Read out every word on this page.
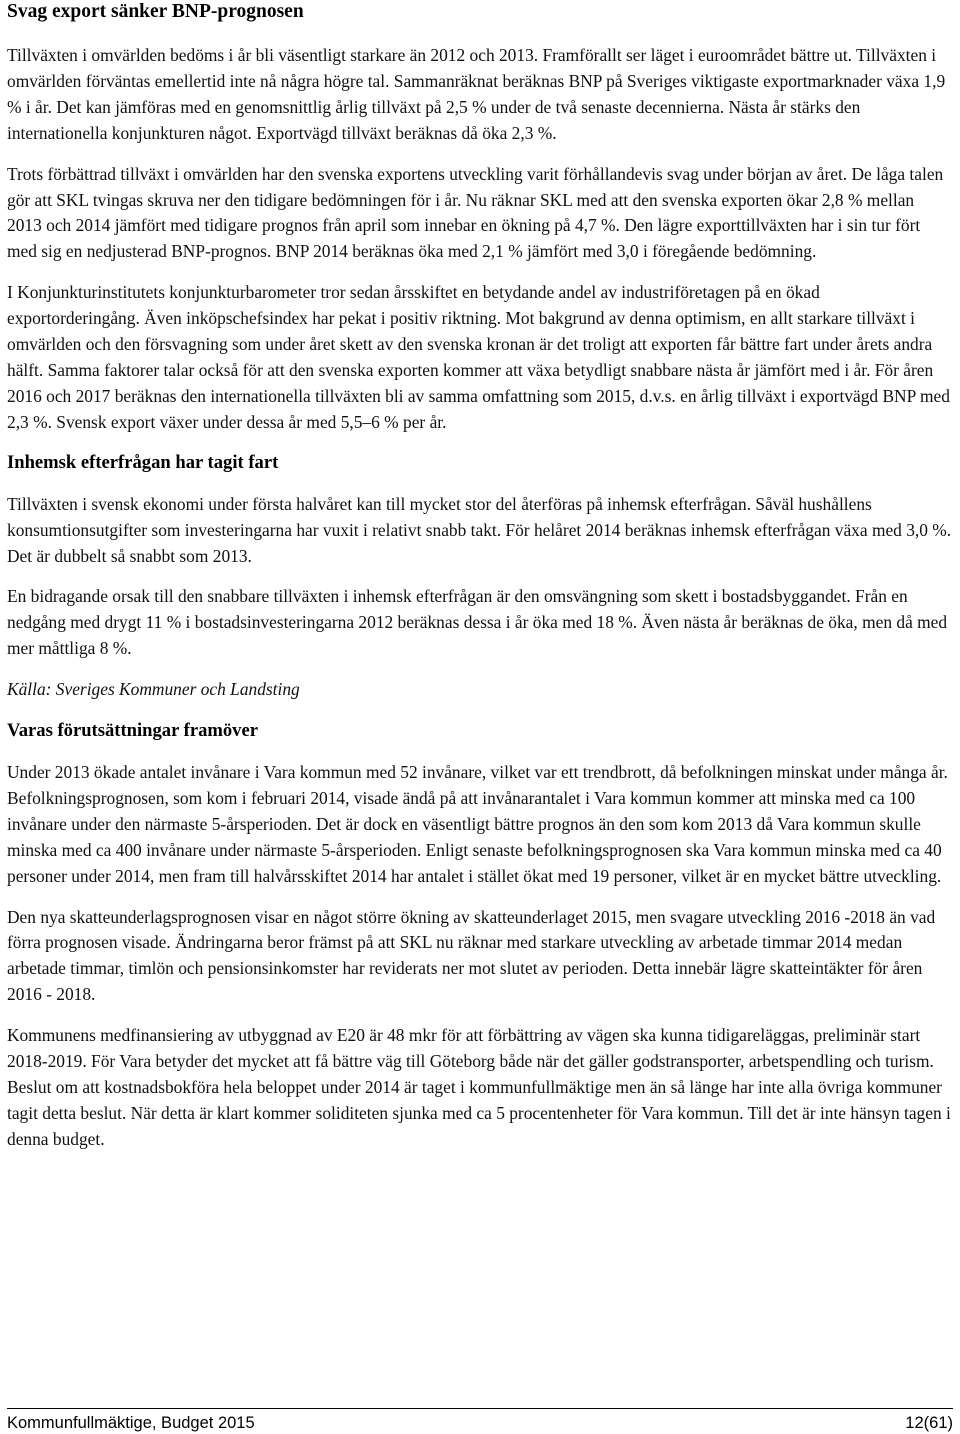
Svag export sänker BNP-prognosen

Tillväxten i omvärlden bedöms i år bli väsentligt starkare än 2012 och 2013. Framförallt ser läget i euroområdet bättre ut. Tillväxten i omvärlden förväntas emellertid inte nå några högre tal. Sammanräknat beräknas BNP på Sveriges viktigaste exportmarknader växa 1,9 % i år. Det kan jämföras med en genomsnittlig årlig tillväxt på 2,5 % under de två senaste decennierna. Nästa år stärks den internationella konjunkturen något. Exportvägd tillväxt beräknas då öka 2,3 %.

Trots förbättrad tillväxt i omvärlden har den svenska exportens utveckling varit förhållandevis svag under början av året. De låga talen gör att SKL tvingas skruva ner den tidigare bedömningen för i år. Nu räknar SKL med att den svenska exporten ökar 2,8 % mellan 2013 och 2014 jämfört med tidigare prognos från april som innebar en ökning på 4,7 %. Den lägre exporttillväxten har i sin tur fört med sig en nedjusterad BNP-prognos. BNP 2014 beräknas öka med 2,1 % jämfört med 3,0 i föregående bedömning.

I Konjunkturinstitutets konjunkturbarometer tror sedan årsskiftet en betydande andel av industriföretagen på en ökad exportorderingång. Även inköpschefsindex har pekat i positiv riktning. Mot bakgrund av denna optimism, en allt starkare tillväxt i omvärlden och den försvagning som under året skett av den svenska kronan är det troligt att exporten får bättre fart under årets andra hälft. Samma faktorer talar också för att den svenska exporten kommer att växa betydligt snabbare nästa år jämfört med i år. För åren 2016 och 2017 beräknas den internationella tillväxten bli av samma omfattning som 2015, d.v.s. en årlig tillväxt i exportvägd BNP med 2,3 %. Svensk export växer under dessa år med 5,5–6 % per år.

Inhemsk efterfrågan har tagit fart

Tillväxten i svensk ekonomi under första halvåret kan till mycket stor del återföras på inhemsk efterfrågan. Såväl hushållens konsumtionsutgifter som investeringarna har vuxit i relativt snabb takt. För helåret 2014 beräknas inhemsk efterfrågan växa med 3,0 %. Det är dubbelt så snabbt som 2013.

En bidragande orsak till den snabbare tillväxten i inhemsk efterfrågan är den omsvängning som skett i bostadsbyggandet. Från en nedgång med drygt 11 % i bostadsinvesteringarna 2012 beräknas dessa i år öka med 18 %. Även nästa år beräknas de öka, men då med mer måttliga 8 %.

Källa: Sveriges Kommuner och Landsting

Varas förutsättningar framöver

Under 2013 ökade antalet invånare i Vara kommun med 52 invånare, vilket var ett trendbrott, då befolkningen minskat under många år. Befolkningsprognosen, som kom i februari 2014, visade ändå på att invånarantalet i Vara kommun kommer att minska med ca 100 invånare under den närmaste 5-årsperioden. Det är dock en väsentligt bättre prognos än den som kom 2013 då Vara kommun skulle minska med ca 400 invånare under närmaste 5-årsperioden. Enligt senaste befolkningsprognosen ska Vara kommun minska med ca 40 personer under 2014, men fram till halvårsskiftet 2014 har antalet i stället ökat med 19 personer, vilket är en mycket bättre utveckling.

Den nya skatteunderlagsprognosen visar en något större ökning av skatteunderlaget 2015, men svagare utveckling 2016 -2018 än vad förra prognosen visade. Ändringarna beror främst på att SKL nu räknar med starkare utveckling av arbetade timmar 2014 medan arbetade timmar, timlön och pensionsinkomster har reviderats ner mot slutet av perioden. Detta innebär lägre skatteintäkter för åren 2016 - 2018.

Kommunens medfinansiering av utbyggnad av E20 är 48 mkr för att förbättring av vägen ska kunna tidigareläggas, preliminär start 2018-2019. För Vara betyder det mycket att få bättre väg till Göteborg både när det gäller godstransporter, arbetspendling och turism. Beslut om att kostnadsbokföra hela beloppet under 2014 är taget i kommunfullmäktige men än så länge har inte alla övriga kommuner tagit detta beslut. När detta är klart kommer soliditeten sjunka med ca 5 procentenheter för Vara kommun. Till det är inte hänsyn tagen i denna budget.

Kommunfullmäktige, Budget 2015	12(61)
